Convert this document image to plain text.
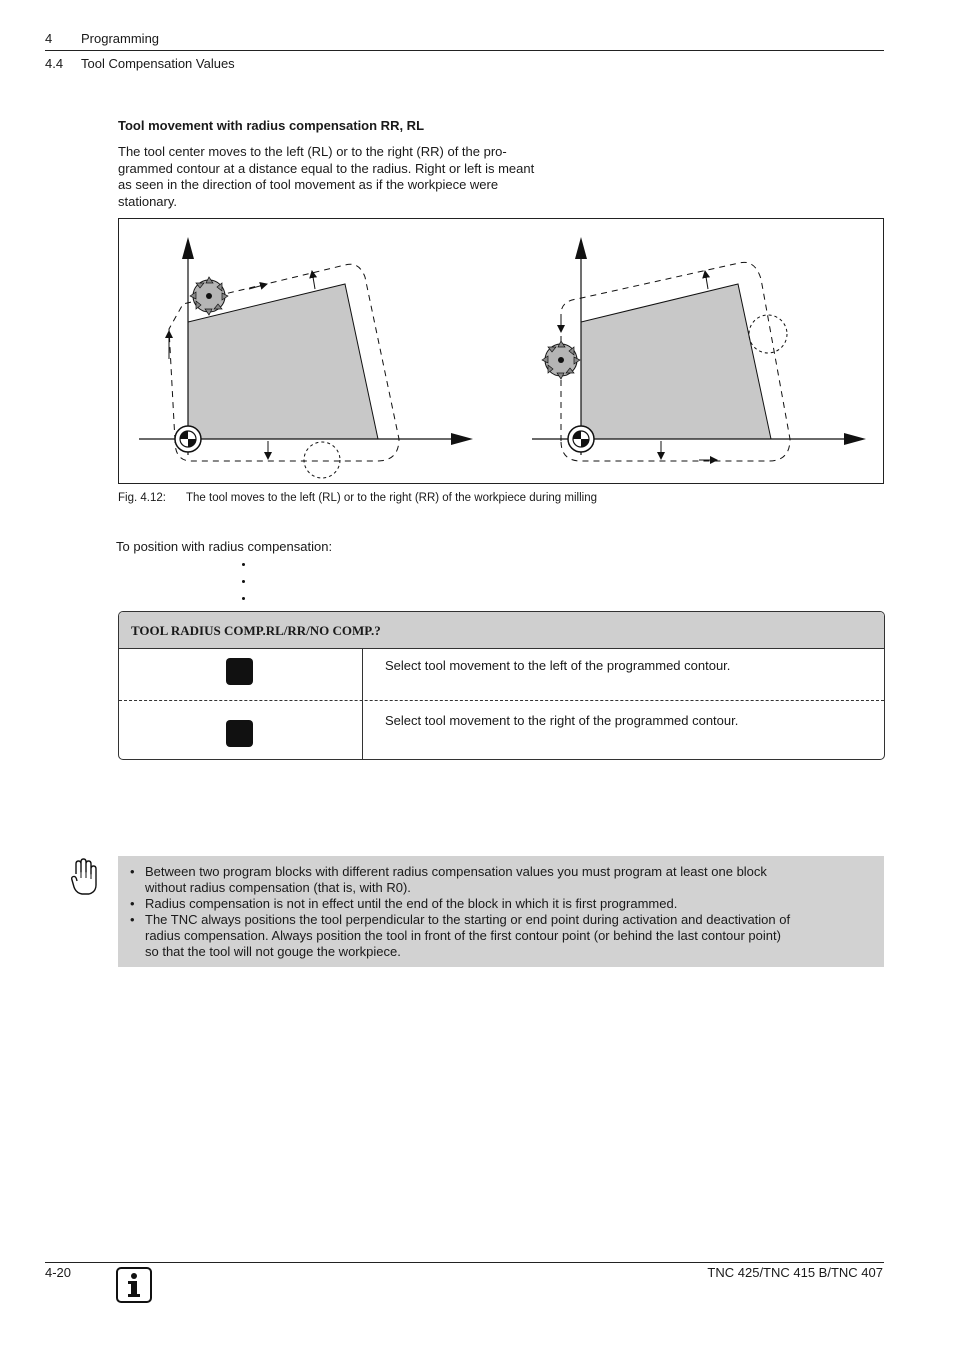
4 Programming
4.4 Tool Compensation Values
Tool movement with radius compensation RR, RL
The tool center moves to the left (RL) or to the right (RR) of the pro-
grammed contour at a distance equal to the radius. Right or left is meant
as seen in the direction of tool movement as if the workpiece were
stationary.
Fig. 4.12: The tool moves to the left (RL) or to the right (RR) of the workpiece during milling
To position with radius compensation:
TOOL RADIUS COMP.RL/RR/NO COMP.?
Select tool movement to the left of the programmed contour.
Select tool movement to the right of the programmed contour.
• Between two program blocks with different radius compensation values you must program at least one block
without radius compensation (that is, with R0).
• Radius compensation is not in effect until the end of the block in which it is first programmed.
• The TNC always positions the tool perpendicular to the starting or end point during activation and deactivation of
radius compensation. Always position the tool in front of the first contour point (or behind the last contour point)
so that the tool will not gouge the workpiece.
4-20	TNC 425/TNC 415 B/TNC 407
